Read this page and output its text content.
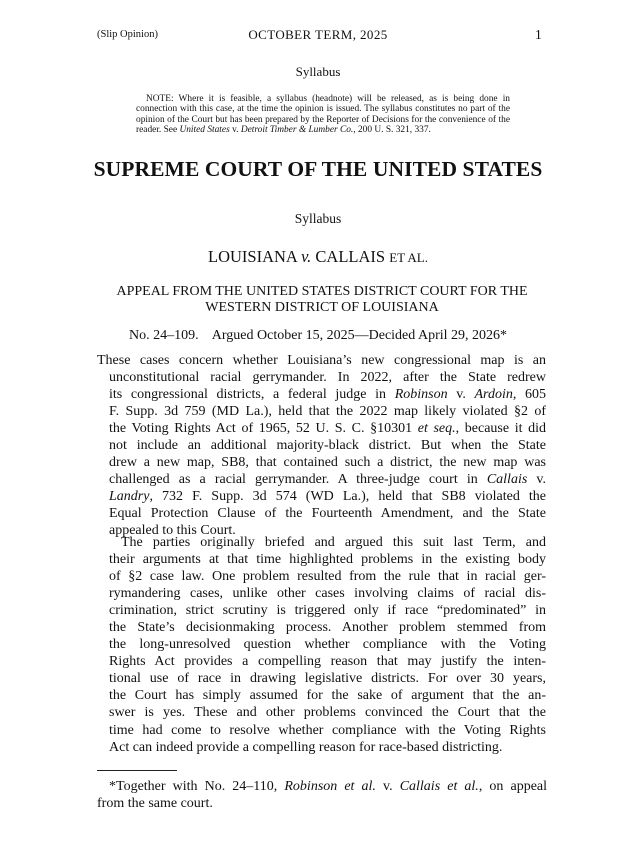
(Slip Opinion)	OCTOBER TERM, 2025	1
Syllabus
NOTE: Where it is feasible, a syllabus (headnote) will be released, as is being done in connection with this case, at the time the opinion is issued. The syllabus constitutes no part of the opinion of the Court but has been prepared by the Reporter of Decisions for the convenience of the reader. See United States v. Detroit Timber & Lumber Co., 200 U. S. 321, 337.
SUPREME COURT OF THE UNITED STATES
Syllabus
LOUISIANA v. CALLAIS ET AL.
APPEAL FROM THE UNITED STATES DISTRICT COURT FOR THE WESTERN DISTRICT OF LOUISIANA
No. 24–109.    Argued October 15, 2025—Decided April 29, 2026*
These cases concern whether Louisiana’s new congressional map is an
unconstitutional racial gerrymander. In 2022, after the State redrew
its congressional districts, a federal judge in Robinson v. Ardoin, 605
F. Supp. 3d 759 (MD La.), held that the 2022 map likely violated §2 of
the Voting Rights Act of 1965, 52 U. S. C. §10301 et seq., because it did
not include an additional majority-black district. But when the State
drew a new map, SB8, that contained such a district, the new map was
challenged as a racial gerrymander. A three-judge court in Callais v.
Landry, 732 F. Supp. 3d 574 (WD La.), held that SB8 violated the
Equal Protection Clause of the Fourteenth Amendment, and the State
appealed to this Court.
The parties originally briefed and argued this suit last Term, and
their arguments at that time highlighted problems in the existing body
of §2 case law. One problem resulted from the rule that in racial ger-
rymandering cases, unlike other cases involving claims of racial dis-
crimination, strict scrutiny is triggered only if race “predominated” in
the State’s decisionmaking process. Another problem stemmed from
the long-unresolved question whether compliance with the Voting
Rights Act provides a compelling reason that may justify the inten-
tional use of race in drawing legislative districts. For over 30 years,
the Court has simply assumed for the sake of argument that the an-
swer is yes. These and other problems convinced the Court that the
time had come to resolve whether compliance with the Voting Rights
Act can indeed provide a compelling reason for race-based districting.
*Together with No. 24–110, Robinson et al. v. Callais et al., on appeal
from the same court.
